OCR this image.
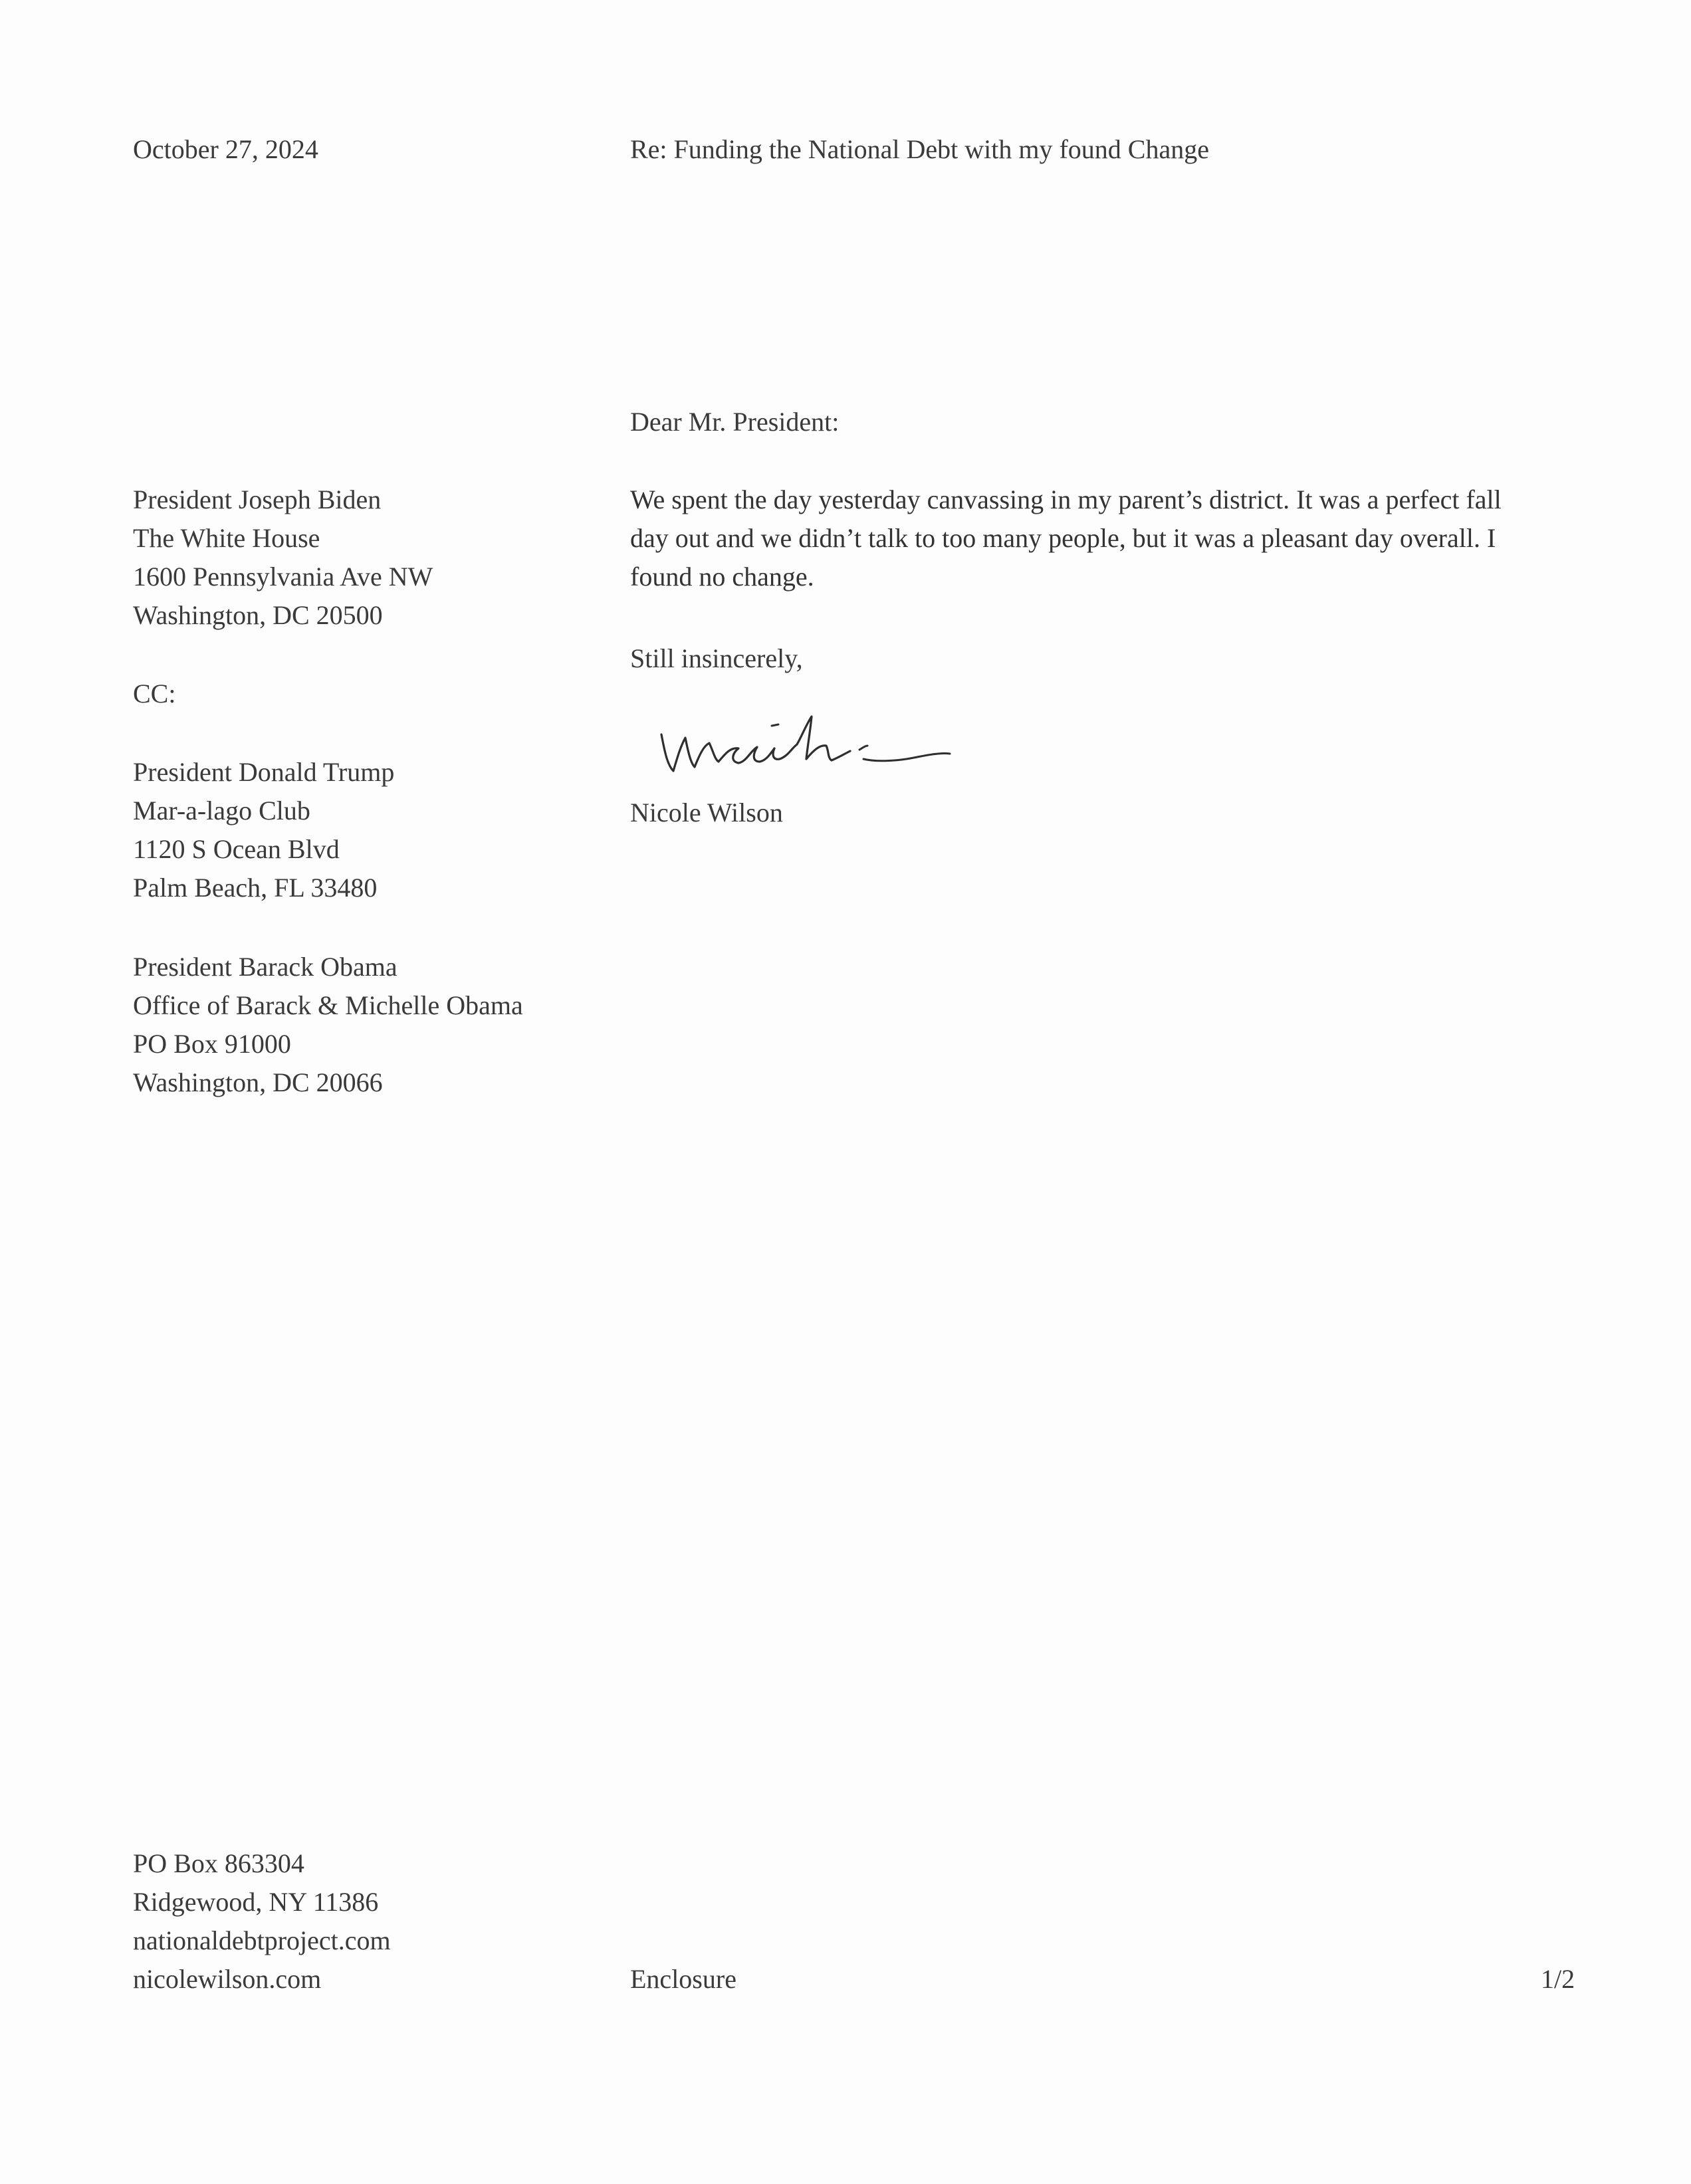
October 27, 2024	Re: Funding the National Debt with my found Change

Dear Mr. President:

President Joseph Biden
The White House
1600 Pennsylvania Ave NW
Washington, DC 20500

CC:

President Donald Trump
Mar-a-lago Club
1120 S Ocean Blvd
Palm Beach, FL 33480
President Barack Obama
Office of Barack & Michelle Obama
PO Box 91000
Washington, DC 20066

We spent the day yesterday canvassing in my parent’s district. It was a perfect fall day out and we didn’t talk to too many people, but it was a pleasant day overall. I found no change.

Still insincerely,

Nicole Wilson

PO Box 863304
Ridgewood, NY 11386
nationaldebtproject.com
nicolewilson.com	Enclosure	1/2
